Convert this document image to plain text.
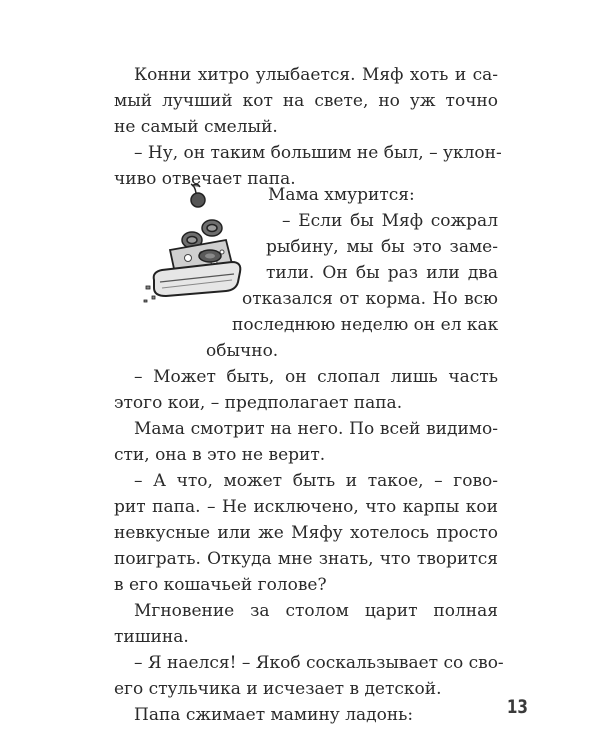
Конни хитро улыбается. Мяф хоть и са-
мый лучший кот на свете, но уж точно
не самый смелый.
– Ну, он таким большим не был, – уклон-
чиво отвечает папа.
Мама хмурится:
– Если бы Мяф сожрал
рыбину, мы бы это заме-
тили. Он бы раз или два
отказался от корма. Но всю
последнюю неделю он ел как
обычно.
– Может быть, он слопал лишь часть
этого кои, – предполагает папа.
Мама смотрит на него. По всей видимо-
сти, она в это не верит.
– А что, может быть и такое, – гово-
рит папа. – Не исключено, что карпы кои
невкусные или же Мяфу хотелось просто
поиграть. Откуда мне знать, что творится
в его кошачьей голове?
Мгновение за столом царит полная
тишина.
– Я наелся! – Якоб соскальзывает со сво-
его стульчика и исчезает в детской.
Папа сжимает мамину ладонь:	13
